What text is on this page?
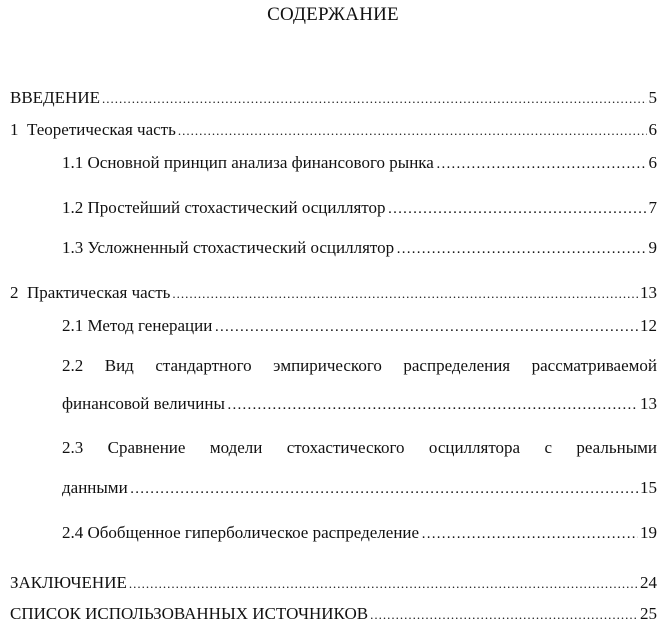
СОДЕРЖАНИЕ
ВВЕДЕНИЕ .....	5
1  Теоретическая часть .....	6
1.1 Основной принцип анализа финансового рынка ……………………………………………………………………………………………………………………………………………………………………………………	6
1.2 Простейший стохастический осциллятор ……………………………………………………………………………………………………………………………………………………………………………………	7
1.3 Усложненный стохастический осциллятор ……………………………………………………………………………………………………………………………………………………………………………………	9
2  Практическая часть .....	13
2.1 Метод генерации ……………………………………………………………………………………………………………………………………………………………………………………	12
2.2 Вид стандартного эмпирического распределения рассматриваемой
финансовой величины ……………………………………………………………………………………………………………………………………………………………………………………	13
2.3 Сравнение модели стохастического осциллятора с реальными
данными ……………………………………………………………………………………………………………………………………………………………………………………	15
2.4 Обобщенное гиперболическое распределение ……………………………………………………………………………………………………………………………………………………………………………………	19
ЗАКЛЮЧЕНИЕ .....	24
СПИСОК ИСПОЛЬЗОВАННЫХ ИСТОЧНИКОВ .....	25
